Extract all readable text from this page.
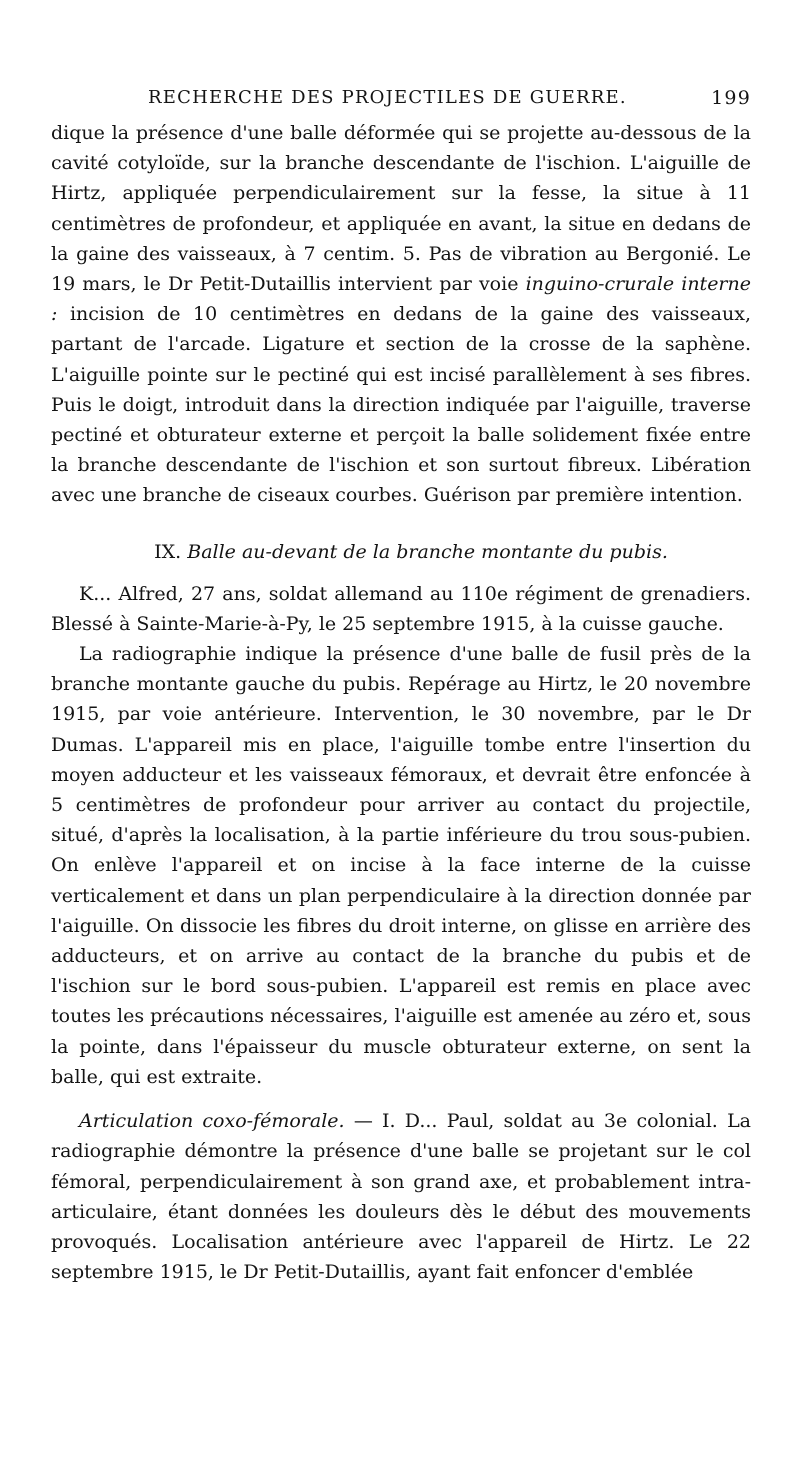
RECHERCHE DES PROJECTILES DE GUERRE.	199

dique la présence d'une balle déformée qui se projette au-dessous de la cavité cotyloïde, sur la branche descendante de l'ischion. L'aiguille de Hirtz, appliquée perpendiculairement sur la fesse, la situe à 11 centimètres de profondeur, et appliquée en avant, la situe en dedans de la gaine des vaisseaux, à 7 centim. 5. Pas de vibration au Bergonié. Le 19 mars, le Dr Petit-Dutaillis intervient par voie inguino-crurale interne : incision de 10 centimètres en dedans de la gaine des vaisseaux, partant de l'arcade. Ligature et section de la crosse de la saphène. L'aiguille pointe sur le pectiné qui est incisé parallèlement à ses fibres. Puis le doigt, introduit dans la direction indiquée par l'aiguille, traverse pectiné et obturateur externe et perçoit la balle solidement fixée entre la branche descendante de l'ischion et son surtout fibreux. Libération avec une branche de ciseaux courbes. Guérison par première intention.

IX. Balle au-devant de la branche montante du pubis.

K... Alfred, 27 ans, soldat allemand au 110e régiment de grenadiers. Blessé à Sainte-Marie-à-Py, le 25 septembre 1915, à la cuisse gauche.

La radiographie indique la présence d'une balle de fusil près de la branche montante gauche du pubis. Repérage au Hirtz, le 20 novembre 1915, par voie antérieure. Intervention, le 30 novembre, par le Dr Dumas. L'appareil mis en place, l'aiguille tombe entre l'insertion du moyen adducteur et les vaisseaux fémoraux, et devrait être enfoncée à 5 centimètres de profondeur pour arriver au contact du projectile, situé, d'après la localisation, à la partie inférieure du trou sous-pubien. On enlève l'appareil et on incise à la face interne de la cuisse verticalement et dans un plan perpendiculaire à la direction donnée par l'aiguille. On dissocie les fibres du droit interne, on glisse en arrière des adducteurs, et on arrive au contact de la branche du pubis et de l'ischion sur le bord sous-pubien. L'appareil est remis en place avec toutes les précautions nécessaires, l'aiguille est amenée au zéro et, sous la pointe, dans l'épaisseur du muscle obturateur externe, on sent la balle, qui est extraite.

Articulation coxo-fémorale. — I. D... Paul, soldat au 3e colonial. La radiographie démontre la présence d'une balle se projetant sur le col fémoral, perpendiculairement à son grand axe, et probablement intra-articulaire, étant données les douleurs dès le début des mouvements provoqués. Localisation antérieure avec l'appareil de Hirtz. Le 22 septembre 1915, le Dr Petit-Dutaillis, ayant fait enfoncer d'emblée
